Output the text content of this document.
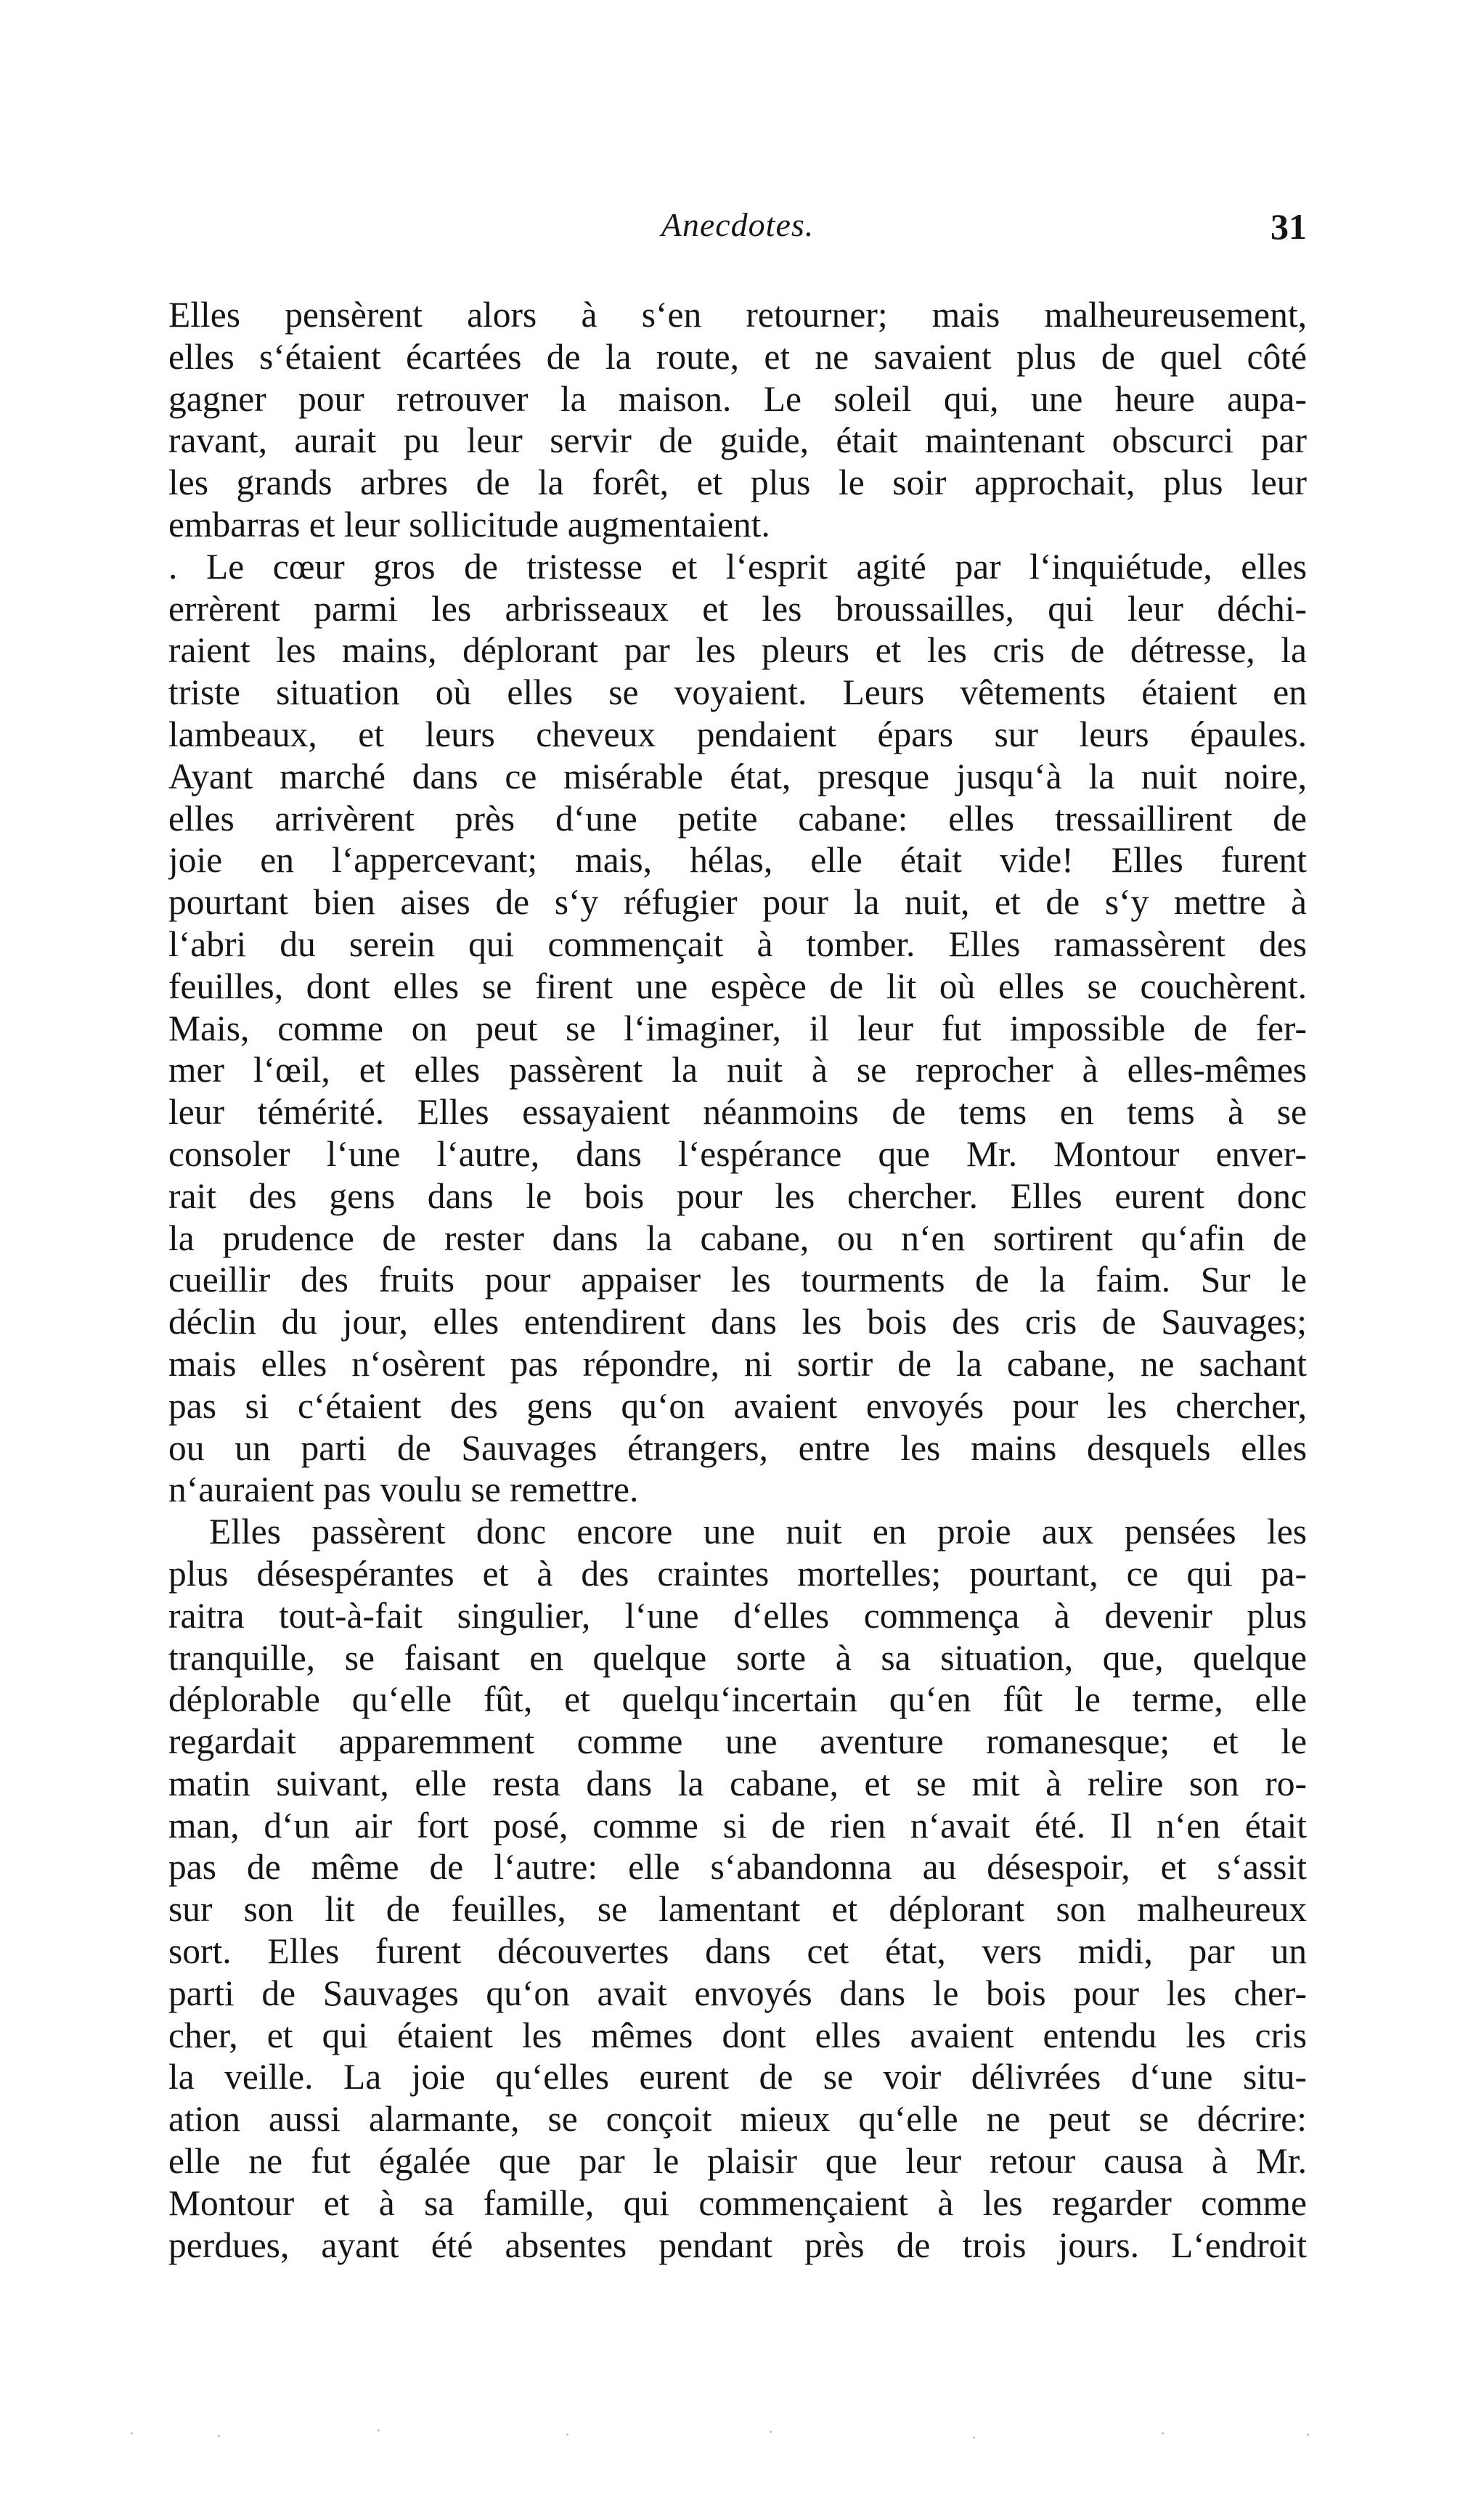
Anecdotes.	31
Elles pensèrent alors à s‘en retourner; mais malheureusement,
elles s‘étaient écartées de la route, et ne savaient plus de quel côté
gagner pour retrouver la maison. Le soleil qui, une heure aupa-
ravant, aurait pu leur servir de guide, était maintenant obscurci par
les grands arbres de la forêt, et plus le soir approchait, plus leur
embarras et leur sollicitude augmentaient.
. Le cœur gros de tristesse et l‘esprit agité par l‘inquiétude, elles
errèrent parmi les arbrisseaux et les broussailles, qui leur déchi-
raient les mains, déplorant par les pleurs et les cris de détresse, la
triste situation où elles se voyaient. Leurs vêtements étaient en
lambeaux, et leurs cheveux pendaient épars sur leurs épaules.
Ayant marché dans ce misérable état, presque jusqu‘à la nuit noire,
elles arrivèrent près d‘une petite cabane: elles tressaillirent de
joie en l‘appercevant; mais, hélas, elle était vide! Elles furent
pourtant bien aises de s‘y réfugier pour la nuit, et de s‘y mettre à
l‘abri du serein qui commençait à tomber. Elles ramassèrent des
feuilles, dont elles se firent une espèce de lit où elles se couchèrent.
Mais, comme on peut se l‘imaginer, il leur fut impossible de fer-
mer l‘œil, et elles passèrent la nuit à se reprocher à elles-mêmes
leur témérité. Elles essayaient néanmoins de tems en tems à se
consoler l‘une l‘autre, dans l‘espérance que Mr. Montour enver-
rait des gens dans le bois pour les chercher. Elles eurent donc
la prudence de rester dans la cabane, ou n‘en sortirent qu‘afin de
cueillir des fruits pour appaiser les tourments de la faim. Sur le
déclin du jour, elles entendirent dans les bois des cris de Sauvages;
mais elles n‘osèrent pas répondre, ni sortir de la cabane, ne sachant
pas si c‘étaient des gens qu‘on avaient envoyés pour les chercher,
ou un parti de Sauvages étrangers, entre les mains desquels elles
n‘auraient pas voulu se remettre.
Elles passèrent donc encore une nuit en proie aux pensées les
plus désespérantes et à des craintes mortelles; pourtant, ce qui pa-
raitra tout-à-fait singulier, l‘une d‘elles commença à devenir plus
tranquille, se faisant en quelque sorte à sa situation, que, quelque
déplorable qu‘elle fût, et quelqu‘incertain qu‘en fût le terme, elle
regardait apparemment comme une aventure romanesque; et le
matin suivant, elle resta dans la cabane, et se mit à relire son ro-
man, d‘un air fort posé, comme si de rien n‘avait été. Il n‘en était
pas de même de l‘autre: elle s‘abandonna au désespoir, et s‘assit
sur son lit de feuilles, se lamentant et déplorant son malheureux
sort. Elles furent découvertes dans cet état, vers midi, par un
parti de Sauvages qu‘on avait envoyés dans le bois pour les cher-
cher, et qui étaient les mêmes dont elles avaient entendu les cris
la veille. La joie qu‘elles eurent de se voir délivrées d‘une situ-
ation aussi alarmante, se conçoit mieux qu‘elle ne peut se décrire:
elle ne fut égalée que par le plaisir que leur retour causa à Mr.
Montour et à sa famille, qui commençaient à les regarder comme
perdues, ayant été absentes pendant près de trois jours. L‘endroit
